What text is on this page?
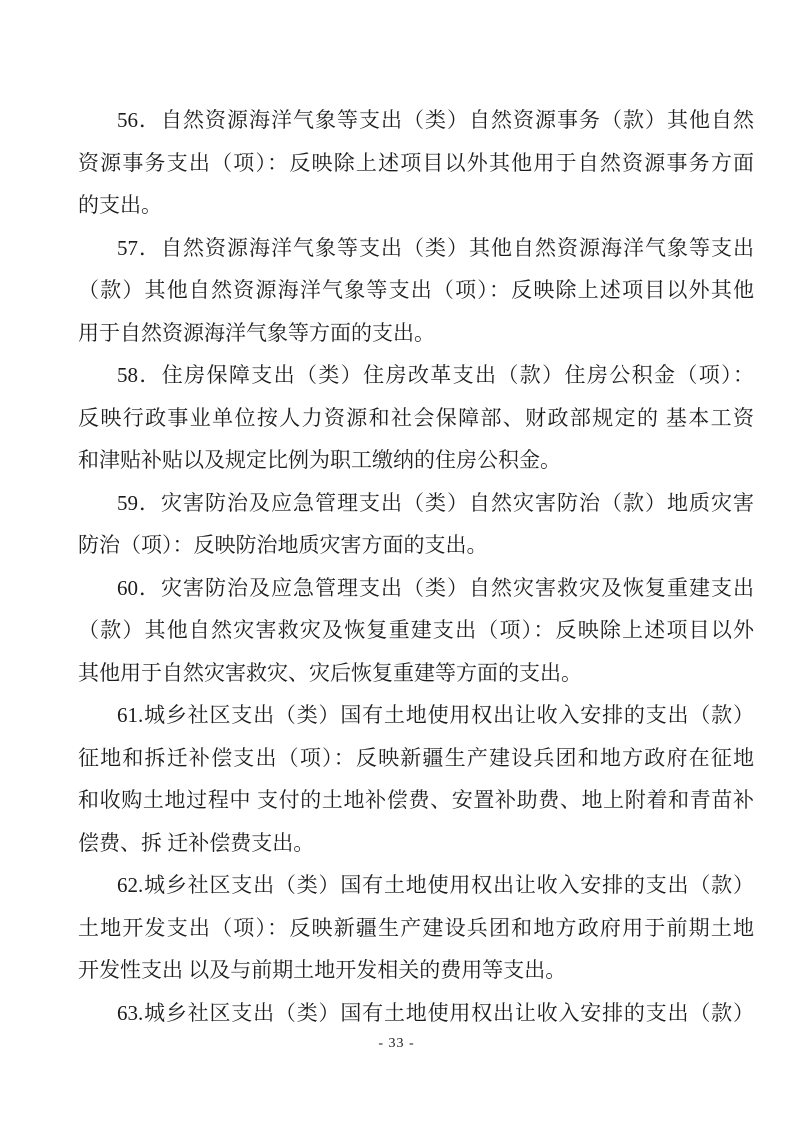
56．自然资源海洋气象等支出（类）自然资源事务（款）其他自然
资源事务支出（项）：反映除上述项目以外其他用于自然资源事务方面
的支出。
57．自然资源海洋气象等支出（类）其他自然资源海洋气象等支出
（款）其他自然资源海洋气象等支出（项）：反映除上述项目以外其他
用于自然资源海洋气象等方面的支出。
58．住房保障支出（类）住房改革支出（款）住房公积金（项）：
反映行政事业单位按人力资源和社会保障部、财政部规定的 基本工资
和津贴补贴以及规定比例为职工缴纳的住房公积金。
59．灾害防治及应急管理支出（类）自然灾害防治（款）地质灾害
防治（项）：反映防治地质灾害方面的支出。
60．灾害防治及应急管理支出（类）自然灾害救灾及恢复重建支出
（款）其他自然灾害救灾及恢复重建支出（项）：反映除上述项目以外
其他用于自然灾害救灾、灾后恢复重建等方面的支出。
61.城乡社区支出（类）国有土地使用权出让收入安排的支出（款）
征地和拆迁补偿支出（项）：反映新疆生产建设兵团和地方政府在征地
和收购土地过程中 支付的土地补偿费、安置补助费、地上附着和青苗补
偿费、拆 迁补偿费支出。
62.城乡社区支出（类）国有土地使用权出让收入安排的支出（款）
土地开发支出（项）：反映新疆生产建设兵团和地方政府用于前期土地
开发性支出 以及与前期土地开发相关的费用等支出。
63.城乡社区支出（类）国有土地使用权出让收入安排的支出（款）
- 33 -
